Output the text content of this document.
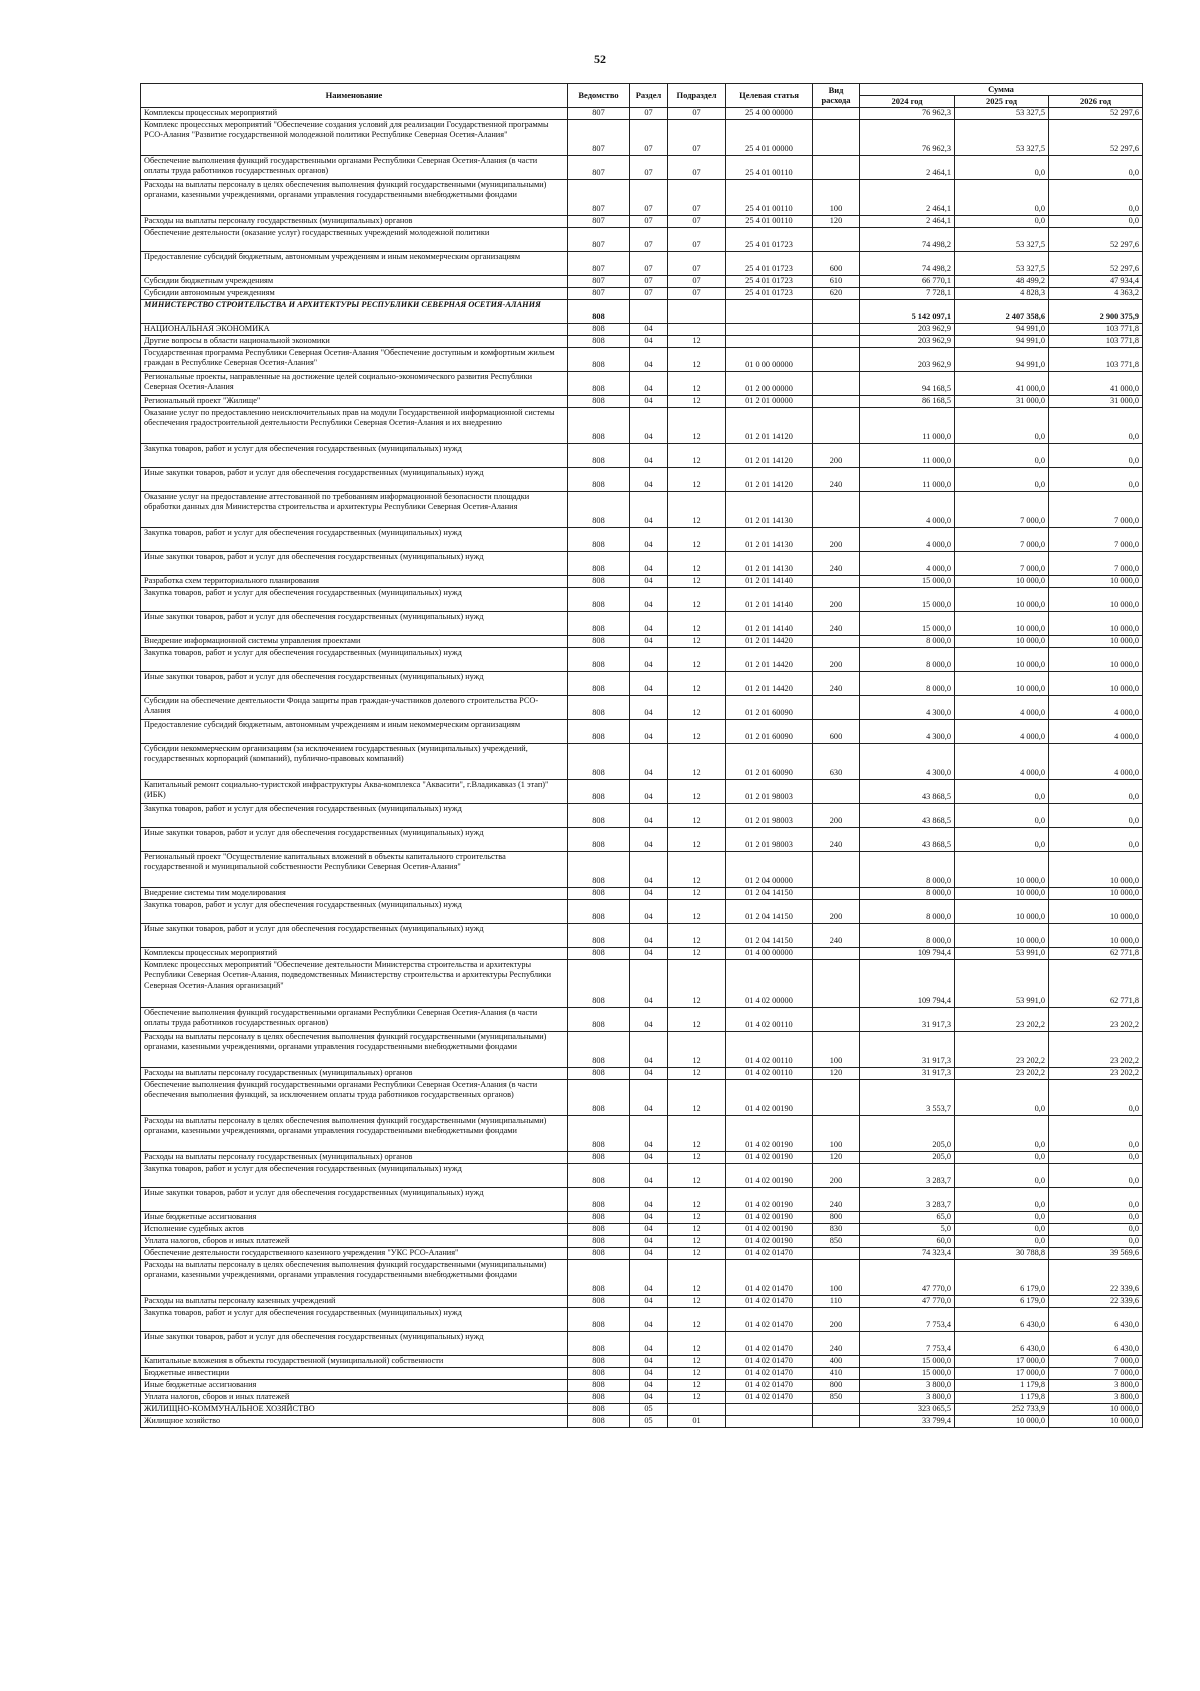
52
Наименование	Ведомство	Раздел	Подраздел	Целевая статья	Вид расхода	Сумма		
						2024 год	2025 год	2026 год
Комплексы процессных мероприятий	807	07	07	25 4 00 00000		76 962,3	53 327,5	52 297,6
Комплекс процессных мероприятий "Обеспечение создания условий для реализации Государственной программы РСО-Алания "Развитие государственной молодежной политики Республике Северная Осетия-Алания"	807	07	07	25 4 01 00000		76 962,3	53 327,5	52 297,6
Обеспечение выполнения функций государственными органами Республики Северная Осетия-Алания (в части оплаты труда работников государственных органов)	807	07	07	25 4 01 00110		2 464,1	0,0	0,0
Расходы на выплаты персоналу в целях обеспечения выполнения функций государственными (муниципальными) органами, казенными учреждениями, органами управления государственными внебюджетными фондами	807	07	07	25 4 01 00110	100	2 464,1	0,0	0,0
Расходы на выплаты персоналу государственных (муниципальных) органов	807	07	07	25 4 01 00110	120	2 464,1	0,0	0,0
Обеспечение деятельности (оказание услуг) государственных учреждений молодежной политики	807	07	07	25 4 01 01723		74 498,2	53 327,5	52 297,6
Предоставление субсидий бюджетным, автономным учреждениям и иным некоммерческим организациям	807	07	07	25 4 01 01723	600	74 498,2	53 327,5	52 297,6
Субсидии бюджетным учреждениям	807	07	07	25 4 01 01723	610	66 770,1	48 499,2	47 934,4
Субсидии автономным учреждениям	807	07	07	25 4 01 01723	620	7 728,1	4 828,3	4 363,2
МИНИСТЕРСТВО СТРОИТЕЛЬСТВА И АРХИТЕКТУРЫ РЕСПУБЛИКИ СЕВЕРНАЯ ОСЕТИЯ-АЛАНИЯ	808					5 142 097,1	2 407 358,6	2 900 375,9
НАЦИОНАЛЬНАЯ ЭКОНОМИКА	808	04				203 962,9	94 991,0	103 771,8
Другие вопросы в области национальной экономики	808	04	12			203 962,9	94 991,0	103 771,8
Государственная программа Республики Северная Осетия-Алания "Обеспечение доступным и комфортным жильем граждан в Республике Северная Осетия-Алания"	808	04	12	01 0 00 00000		203 962,9	94 991,0	103 771,8
Региональные проекты, направленные на достижение целей социально-экономического развития Республики Северная Осетия-Алания	808	04	12	01 2 00 00000		94 168,5	41 000,0	41 000,0
Региональный проект "Жилище"	808	04	12	01 2 01 00000		86 168,5	31 000,0	31 000,0
Оказание услуг по предоставлению неисключительных прав на модули Государственной информационной системы обеспечения градостроительной деятельности Республики Северная Осетия-Алания и их внедрению	808	04	12	01 2 01 14120		11 000,0	0,0	0,0
Закупка товаров, работ и услуг для обеспечения государственных (муниципальных) нужд	808	04	12	01 2 01 14120	200	11 000,0	0,0	0,0
Иные закупки товаров, работ и услуг для обеспечения государственных (муниципальных) нужд	808	04	12	01 2 01 14120	240	11 000,0	0,0	0,0
Оказание услуг на предоставление аттестованной по требованиям информационной безопасности площадки обработки данных для Министерства строительства и архитектуры Республики Северная Осетия-Алания	808	04	12	01 2 01 14130		4 000,0	7 000,0	7 000,0
Закупка товаров, работ и услуг для обеспечения государственных (муниципальных) нужд	808	04	12	01 2 01 14130	200	4 000,0	7 000,0	7 000,0
Иные закупки товаров, работ и услуг для обеспечения государственных (муниципальных) нужд	808	04	12	01 2 01 14130	240	4 000,0	7 000,0	7 000,0
Разработка схем территориального планирования	808	04	12	01 2 01 14140		15 000,0	10 000,0	10 000,0
Закупка товаров, работ и услуг для обеспечения государственных (муниципальных) нужд	808	04	12	01 2 01 14140	200	15 000,0	10 000,0	10 000,0
Иные закупки товаров, работ и услуг для обеспечения государственных (муниципальных) нужд	808	04	12	01 2 01 14140	240	15 000,0	10 000,0	10 000,0
Внедрение информационной системы управления проектами	808	04	12	01 2 01 14420		8 000,0	10 000,0	10 000,0
Закупка товаров, работ и услуг для обеспечения государственных (муниципальных) нужд	808	04	12	01 2 01 14420	200	8 000,0	10 000,0	10 000,0
Иные закупки товаров, работ и услуг для обеспечения государственных (муниципальных) нужд	808	04	12	01 2 01 14420	240	8 000,0	10 000,0	10 000,0
Субсидии на обеспечение деятельности Фонда защиты прав граждан-участников долевого строительства РСО-Алания	808	04	12	01 2 01 60090		4 300,0	4 000,0	4 000,0
Предоставление субсидий бюджетным, автономным учреждениям и иным некоммерческим организациям	808	04	12	01 2 01 60090	600	4 300,0	4 000,0	4 000,0
Субсидии некоммерческим организациям (за исключением государственных (муниципальных) учреждений, государственных корпораций (компаний), публично-правовых компаний)	808	04	12	01 2 01 60090	630	4 300,0	4 000,0	4 000,0
Капитальный ремонт социально-туристской инфраструктуры Аква-комплекса "Аквасити", г.Владикавказ (1 этап)" (ИБК)	808	04	12	01 2 01 98003		43 868,5	0,0	0,0
Закупка товаров, работ и услуг для обеспечения государственных (муниципальных) нужд	808	04	12	01 2 01 98003	200	43 868,5	0,0	0,0
Иные закупки товаров, работ и услуг для обеспечения государственных (муниципальных) нужд	808	04	12	01 2 01 98003	240	43 868,5	0,0	0,0
Региональный проект "Осуществление капитальных вложений в объекты капитального строительства государственной и муниципальной собственности Республики Северная Осетия-Алания"	808	04	12	01 2 04 00000		8 000,0	10 000,0	10 000,0
Внедрение системы тим моделирования	808	04	12	01 2 04 14150		8 000,0	10 000,0	10 000,0
Закупка товаров, работ и услуг для обеспечения государственных (муниципальных) нужд	808	04	12	01 2 04 14150	200	8 000,0	10 000,0	10 000,0
Иные закупки товаров, работ и услуг для обеспечения государственных (муниципальных) нужд	808	04	12	01 2 04 14150	240	8 000,0	10 000,0	10 000,0
Комплексы процессных мероприятий	808	04	12	01 4 00 00000		109 794,4	53 991,0	62 771,8
Комплекс процессных мероприятий "Обеспечение деятельности Министерства строительства и архитектуры Республики Северная Осетия-Алания, подведомственных Министерству строительства и архитектуры Республики Северная Осетия-Алания организаций"	808	04	12	01 4 02 00000		109 794,4	53 991,0	62 771,8
Обеспечение выполнения функций государственными органами Республики Северная Осетия-Алания (в части оплаты труда работников государственных органов)	808	04	12	01 4 02 00110		31 917,3	23 202,2	23 202,2
Расходы на выплаты персоналу в целях обеспечения выполнения функций государственными (муниципальными) органами, казенными учреждениями, органами управления государственными внебюджетными фондами	808	04	12	01 4 02 00110	100	31 917,3	23 202,2	23 202,2
Расходы на выплаты персоналу государственных (муниципальных) органов	808	04	12	01 4 02 00110	120	31 917,3	23 202,2	23 202,2
Обеспечение выполнения функций государственными органами Республики Северная Осетия-Алания (в части обеспечения выполнения функций, за исключением оплаты труда работников государственных органов)	808	04	12	01 4 02 00190		3 553,7	0,0	0,0
Расходы на выплаты персоналу в целях обеспечения выполнения функций государственными (муниципальными) органами, казенными учреждениями, органами управления государственными внебюджетными фондами	808	04	12	01 4 02 00190	100	205,0	0,0	0,0
Расходы на выплаты персоналу государственных (муниципальных) органов	808	04	12	01 4 02 00190	120	205,0	0,0	0,0
Закупка товаров, работ и услуг для обеспечения государственных (муниципальных) нужд	808	04	12	01 4 02 00190	200	3 283,7	0,0	0,0
Иные закупки товаров, работ и услуг для обеспечения государственных (муниципальных) нужд	808	04	12	01 4 02 00190	240	3 283,7	0,0	0,0
Иные бюджетные ассигнования	808	04	12	01 4 02 00190	800	65,0	0,0	0,0
Исполнение судебных актов	808	04	12	01 4 02 00190	830	5,0	0,0	0,0
Уплата налогов, сборов и иных платежей	808	04	12	01 4 02 00190	850	60,0	0,0	0,0
Обеспечение деятельности государственного казенного учреждения "УКС РСО-Алания"	808	04	12	01 4 02 01470		74 323,4	30 788,8	39 569,6
Расходы на выплаты персоналу в целях обеспечения выполнения функций государственными (муниципальными) органами, казенными учреждениями, органами управления государственными внебюджетными фондами	808	04	12	01 4 02 01470	100	47 770,0	6 179,0	22 339,6
Расходы на выплаты персоналу казенных учреждений	808	04	12	01 4 02 01470	110	47 770,0	6 179,0	22 339,6
Закупка товаров, работ и услуг для обеспечения государственных (муниципальных) нужд	808	04	12	01 4 02 01470	200	7 753,4	6 430,0	6 430,0
Иные закупки товаров, работ и услуг для обеспечения государственных (муниципальных) нужд	808	04	12	01 4 02 01470	240	7 753,4	6 430,0	6 430,0
Капитальные вложения в объекты государственной (муниципальной) собственности	808	04	12	01 4 02 01470	400	15 000,0	17 000,0	7 000,0
Бюджетные инвестиции	808	04	12	01 4 02 01470	410	15 000,0	17 000,0	7 000,0
Иные бюджетные ассигнования	808	04	12	01 4 02 01470	800	3 800,0	1 179,8	3 800,0
Уплата налогов, сборов и иных платежей	808	04	12	01 4 02 01470	850	3 800,0	1 179,8	3 800,0
ЖИЛИЩНО-КОММУНАЛЬНОЕ ХОЗЯЙСТВО	808	05				323 065,5	252 733,9	10 000,0
Жилищное хозяйство	808	05	01			33 799,4	10 000,0	10 000,0
